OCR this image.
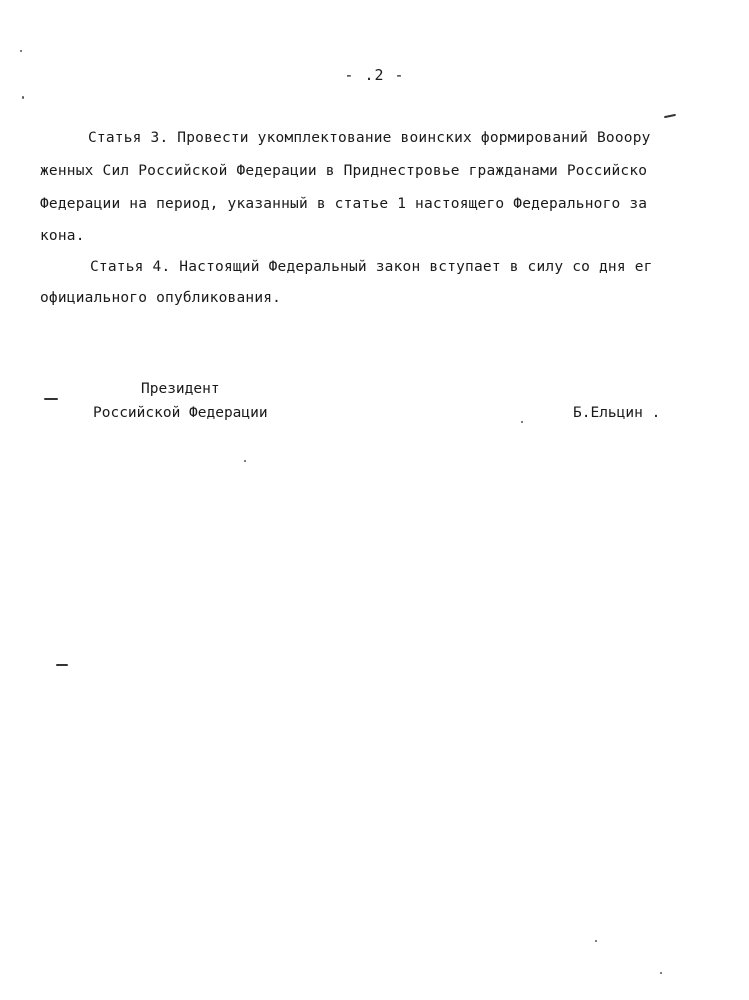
- .2 -
Статья 3. Провести укомплектование воинских формирований Вооору
женных Сил Российской Федерации в Приднестровье гражданами Российско
Федерации на период, указанный в статье 1 настоящего Федерального за
кона.
Статья 4. Настоящий Федеральный закон вступает в силу со дня ег
официального опубликования.
Президент
Российской Федерации	Б.Ельцин .
